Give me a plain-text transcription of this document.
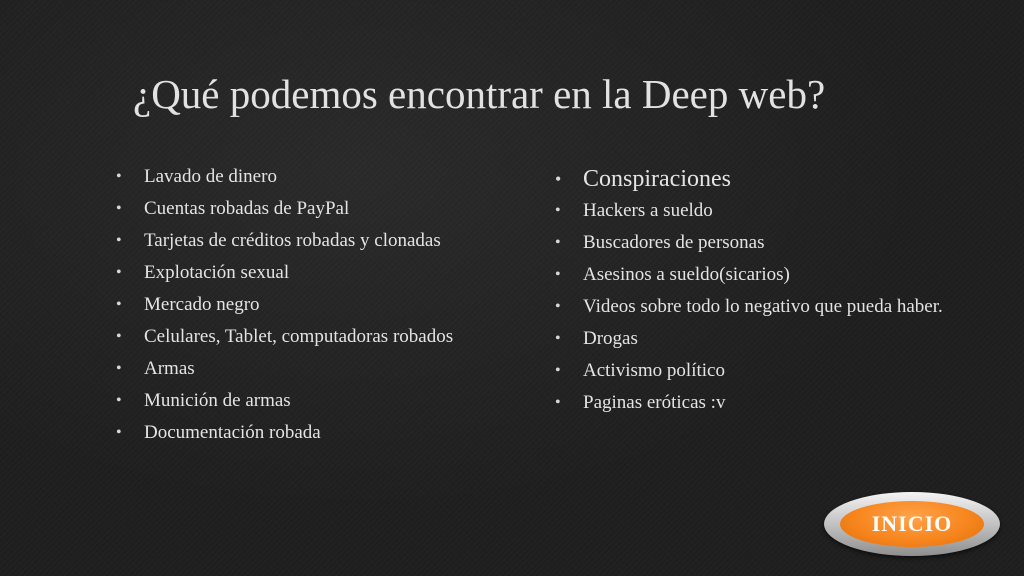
¿Qué podemos encontrar en la Deep web?
•	Lavado de dinero
•	Cuentas robadas de PayPal
•	Tarjetas de créditos robadas y clonadas
•	Explotación sexual
•	Mercado negro
•	Celulares, Tablet, computadoras robados
•	Armas
•	Munición de armas
•	Documentación robada
• Conspiraciones
•	Hackers a sueldo
•	Buscadores de personas
•	Asesinos a sueldo(sicarios)
•	Videos sobre todo lo negativo que pueda haber.
•	Drogas
•	Activismo político
•	Paginas eróticas :v
INICIO
